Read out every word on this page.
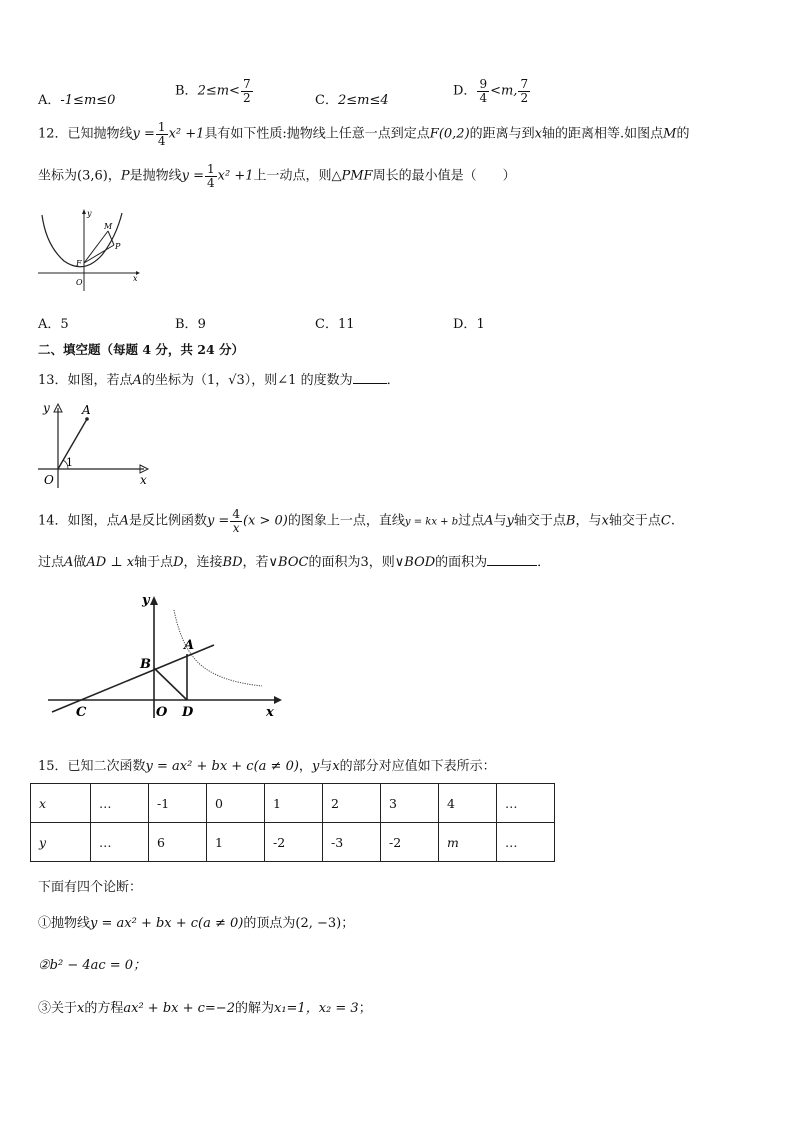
A．-1≤m≤0
B．$2\le m< \frac{7}{2}$	C．2≤m≤4
D． $\frac{9}{4} <m$, $\frac{7}{2}$
12．已知抛物线$y = \frac{1}{4} x^2 +1$具有如下性质:抛物线上任意一点到定点F(0,2)的距离与到x轴的距离相等.如图点M的
坐标为(3,6)，P是抛物线$y = \frac{1}{4} x^2 +1$上一动点，则△PMF周长的最小值是（　　）
y
x
M
P
F
O
A．5	B．9	C．11	D．1
二、填空题（每题 4 分，共 24 分）
13．如图，若点A的坐标为（1，√3），则∠1 的度数为	．
y	A
1
O	x
14．如图，点A是反比例函数$y = \frac{4}{x} (x > 0)$的图象上一点，直线y = kx + b过点A与y轴交于点B，与x轴交于点C.
过点A做AD ⊥ x轴于点D，连接BD，若∨BOC的面积为3，则∨BOD的面积为	．
y
A
B
C	O D	x
15．已知二次函数y = ax² + bx + c(a ≠ 0)，y与x的部分对应值如下表所示：
x	…	-1	0	1	2	3	4	…
y	…	6	1	-2	-3	-2	m	…
下面有四个论断：
①抛物线y = ax² + bx + c(a ≠ 0)的顶点为(2, −3)；
②b² − 4ac = 0；
③关于x的方程ax² + bx + c=−2的解为x₁=1，x₂ = 3；
